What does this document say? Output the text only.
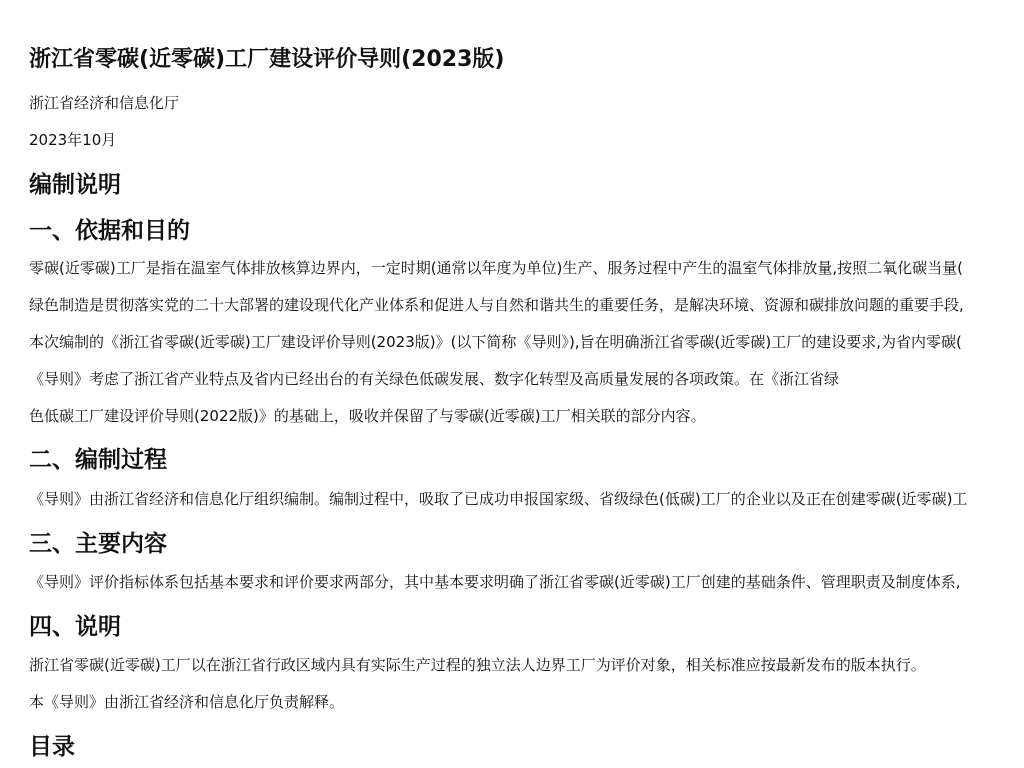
浙江省零碳(近零碳)工厂建设评价导则(2023版)

浙江省经济和信息化厅

2023年10月

编制说明
一、依据和目的

零碳(近零碳)工厂是指在温室气体排放核算边界内，一定时期(通常以年度为单位)生产、服务过程中产生的温室气体排放量,按照二氧化碳当量(

绿色制造是贯彻落实党的二十大部署的建设现代化产业体系和促进人与自然和谐共生的重要任务，是解决环境、资源和碳排放问题的重要手段,

本次编制的《浙江省零碳(近零碳)工厂建设评价导则(2023版)》(以下简称《导则》),旨在明确浙江省零碳(近零碳)工厂的建设要求,为省内零碳(

《导则》考虑了浙江省产业特点及省内已经出台的有关绿色低碳发展、数字化转型及高质量发展的各项政策。在《浙江省绿

色低碳工厂建设评价导则(2022版)》的基础上，吸收并保留了与零碳(近零碳)工厂相关联的部分内容。

二、编制过程

《导则》由浙江省经济和信息化厅组织编制。编制过程中，吸取了已成功申报国家级、省级绿色(低碳)工厂的企业以及正在创建零碳(近零碳)工

三、主要内容

《导则》评价指标体系包括基本要求和评价要求两部分，其中基本要求明确了浙江省零碳(近零碳)工厂创建的基础条件、管理职责及制度体系,

四、说明

浙江省零碳(近零碳)工厂以在浙江省行政区域内具有实际生产过程的独立法人边界工厂为评价对象，相关标准应按最新发布的版本执行。

本《导则》由浙江省经济和信息化厅负责解释。

目录
